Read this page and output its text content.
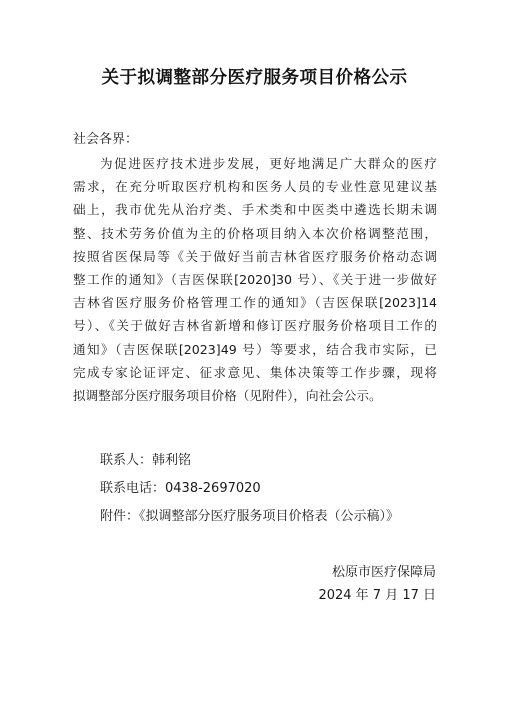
关于拟调整部分医疗服务项目价格公示
社会各界：
为促进医疗技术进步发展，更好地满足广大群众的医疗
需求，在充分听取医疗机构和医务人员的专业性意见建议基
础上，我市优先从治疗类、手术类和中医类中遴选长期未调
整、技术劳务价值为主的价格项目纳入本次价格调整范围，
按照省医保局等《关于做好当前吉林省医疗服务价格动态调
整工作的通知》（吉医保联[2020]30 号）、《关于进一步做好
吉林省医疗服务价格管理工作的通知》（吉医保联[2023]14
号）、《关于做好吉林省新增和修订医疗服务价格项目工作的
通知》（吉医保联[2023]49 号）等要求，结合我市实际，已
完成专家论证评定、征求意见、集体决策等工作步骤，现将
拟调整部分医疗服务项目价格（见附件），向社会公示。
联系人：韩利铭
联系电话：0438-2697020
附件：《拟调整部分医疗服务项目价格表（公示稿）》
松原市医疗保障局
2024 年 7 月 17 日
